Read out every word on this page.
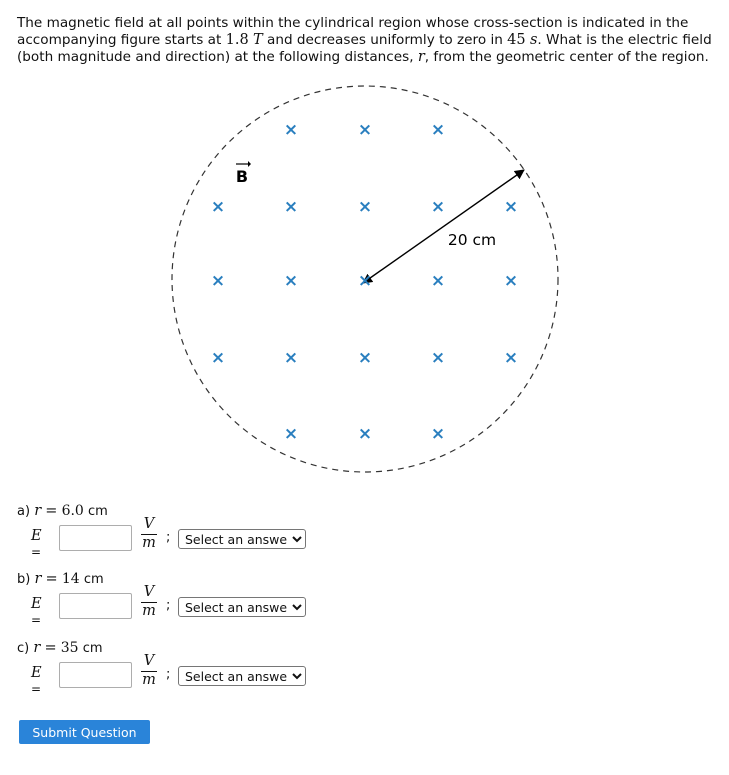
The magnetic field at all points within the cylindrical region whose cross-section is indicated in the accompanying figure starts at 1.8 T and decreases uniformly to zero in 45 s. What is the electric field (both magnitude and direction) at the following distances, r, from the geometric center of the region.

B
20 cm
×	×	×
×	×	×	×	×
×	×	×	×	×
×	×	×	×	×
×	×	×
a) r = 6.0 cm
E =
V
m ;
Select an answer
b) r = 14 cm
E =
V
m ;
Select an answer
c) r = 35 cm
E =
V
m ;
Select an answer
Submit Question
